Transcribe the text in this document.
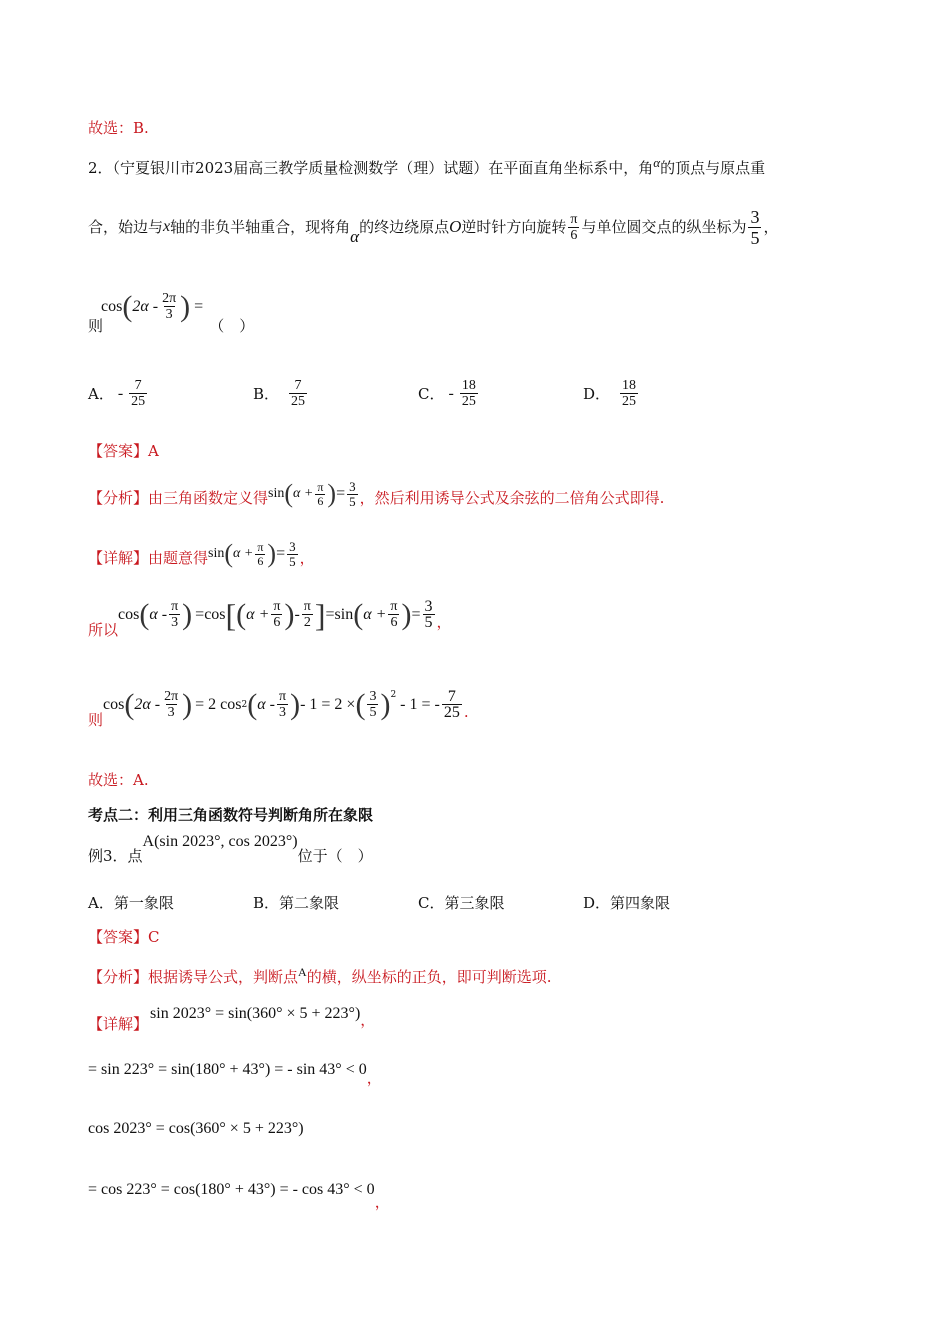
故选：B.
2．（宁夏银川市2023届高三教学质量检测数学（理）试题）在平面直角坐标系中，角α的顶点与原点重
合，始边与 x 轴的非负半轴重合，现将角 α 的终边绕原点 O 逆时针方向旋转 $\frac{\pi}{6}$ 与单位圆交点的纵坐标为 $\frac{3}{5}$ ，
则
cos ( $2\alpha - \frac{2\pi}{3}$ ) =
（　）
A． - $\frac{7}{25}$	B． $\frac{7}{25}$	C． - $\frac{18}{25}$	D． $\frac{18}{25}$
【答案】A
【分析】 由三角函数定义得 sin ( $\alpha + \frac{\pi}{6}$ ) = $\frac{3}{5}$ ，然后利用诱导公式及余弦的二倍角公式即得.
【详解】 由题意得 sin ( $\alpha + \frac{\pi}{6}$ ) = $\frac{3}{5}$ ，
所以
cos ( α - $\frac{\pi}{3}$ ) = cos [ ( $\alpha + \frac{\pi}{6}$ ) - $\frac{\pi}{2}$ ] = sin ( $\alpha + \frac{\pi}{6}$ ) = $\frac{3}{5}$ ，
则
cos ( $2\alpha - \frac{2\pi}{3}$ ) = 2 cos 2 ( α - $\frac{\pi}{3}$ ) - 1 = 2 × ( $\frac{3}{5}$ ) 2
- 1 = - $\frac{7}{25}$ .
故选：A.
考点二：利用三角函数符号判断角所在象限
例3．点
A(sin 2023°, cos 2023°)
位于（　）
A．第一象限	B．第二象限	C．第三象限	D．第四象限
【答案】C
【分析】根据诱导公式，判断点$^A$的横，纵坐标的正负，即可判断选项.
【详解】
sin 2023° = sin(360° × 5 + 223°) ，
= sin 223° = sin(180° + 43°) = - sin 43° < 0 ，
cos 2023° = cos(360° × 5 + 223°)
= cos 223° = cos(180° + 43°) = - cos 43° < 0
，
